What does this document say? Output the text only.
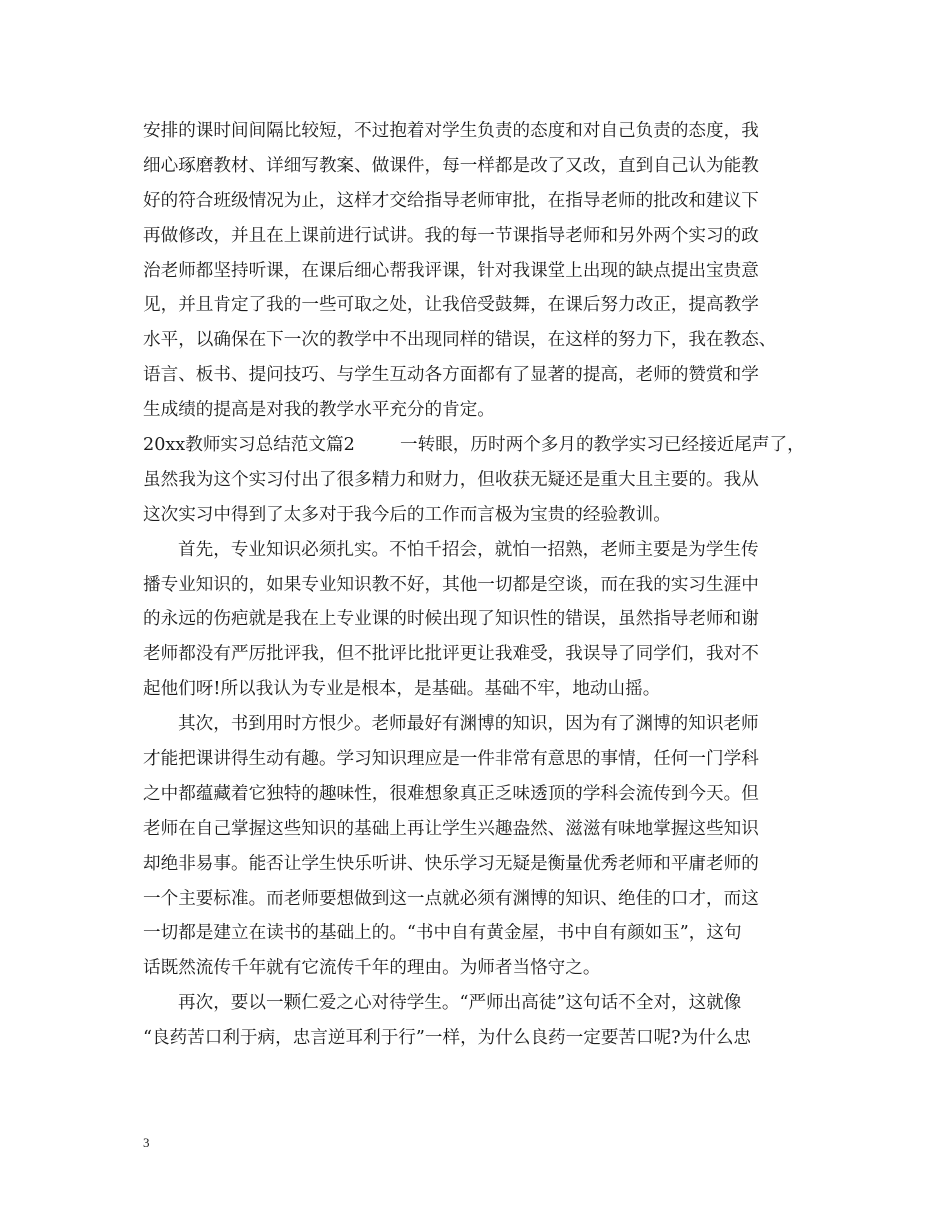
安排的课时间间隔比较短，不过抱着对学生负责的态度和对自己负责的态度，我
细心琢磨教材、详细写教案、做课件，每一样都是改了又改，直到自己认为能教
好的符合班级情况为止，这样才交给指导老师审批，在指导老师的批改和建议下
再做修改，并且在上课前进行试讲。我的每一节课指导老师和另外两个实习的政
治老师都坚持听课，在课后细心帮我评课，针对我课堂上出现的缺点提出宝贵意
见，并且肯定了我的一些可取之处，让我倍受鼓舞，在课后努力改正，提高教学
水平，以确保在下一次的教学中不出现同样的错误，在这样的努力下，我在教态、
语言、板书、提问技巧、与学生互动各方面都有了显著的提高，老师的赞赏和学
生成绩的提高是对我的教学水平充分的肯定。
20xx教师实习总结范文篇2	一转眼，历时两个多月的教学实习已经接近尾声了，
虽然我为这个实习付出了很多精力和财力，但收获无疑还是重大且主要的。我从
这次实习中得到了太多对于我今后的工作而言极为宝贵的经验教训。
首先，专业知识必须扎实。不怕千招会，就怕一招熟，老师主要是为学生传
播专业知识的，如果专业知识教不好，其他一切都是空谈，而在我的实习生涯中
的永远的伤疤就是我在上专业课的时候出现了知识性的错误，虽然指导老师和谢
老师都没有严厉批评我，但不批评比批评更让我难受，我误导了同学们，我对不
起他们呀!所以我认为专业是根本，是基础。基础不牢，地动山摇。
其次，书到用时方恨少。老师最好有渊博的知识，因为有了渊博的知识老师
才能把课讲得生动有趣。学习知识理应是一件非常有意思的事情，任何一门学科
之中都蕴藏着它独特的趣味性，很难想象真正乏味透顶的学科会流传到今天。但
老师在自己掌握这些知识的基础上再让学生兴趣盎然、滋滋有味地掌握这些知识
却绝非易事。能否让学生快乐听讲、快乐学习无疑是衡量优秀老师和平庸老师的
一个主要标准。而老师要想做到这一点就必须有渊博的知识、绝佳的口才，而这
一切都是建立在读书的基础上的。“书中自有黄金屋，书中自有颜如玉”，这句
话既然流传千年就有它流传千年的理由。为师者当恪守之。
再次，要以一颗仁爱之心对待学生。“严师出高徒”这句话不全对，这就像
“良药苦口利于病，忠言逆耳利于行”一样，为什么良药一定要苦口呢?为什么忠
3
